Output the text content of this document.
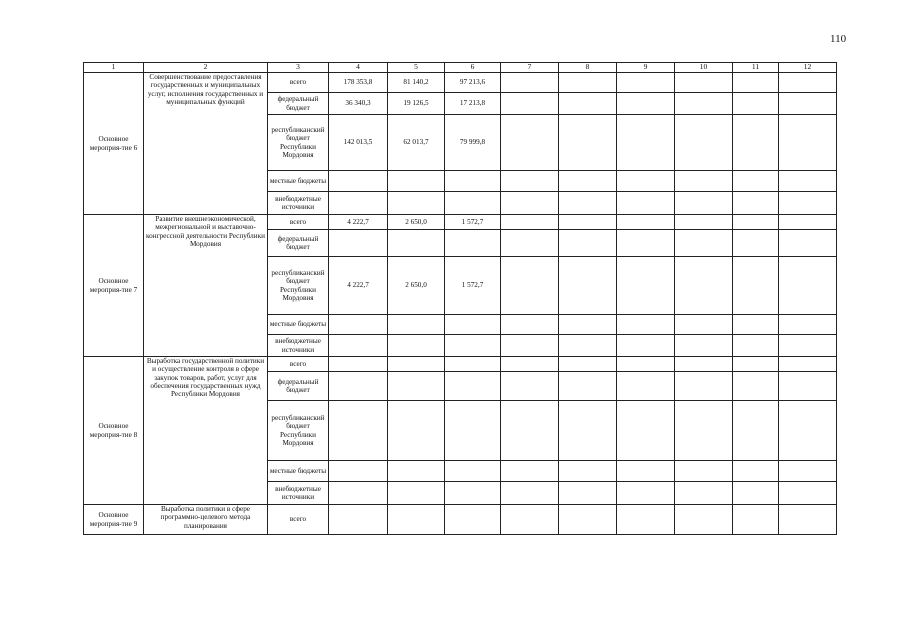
110
1	2	3	4	5	6	7	8	9	10	11	12
Основное мероприя-тие 6	Совершенствование предоставления государственных и муниципальных услуг, исполнения государственных и муниципальных функций	всего	178 353,8	81 140,2	97 213,6						
		федеральный бюджет	36 340,3	19 126,5	17 213,8						
		республиканский бюджет Республики Мордовия	142 013,5	62 013,7	79 999,8						
		местные бюджеты									
		внебюджетные источники									
Основное мероприя-тие 7	Развитие внешнеэкономической, межрегиональной и выставочно-конгрессной деятельности Республики Мордовия	всего	4 222,7	2 650,0	1 572,7						
		федеральный бюджет									
		республиканский бюджет Республики Мордовия	4 222,7	2 650,0	1 572,7						
		местные бюджеты									
		внебюджетные источники									
Основное мероприя-тие 8	Выработка государственной политики и осуществление контроля в сфере закупок товаров, работ, услуг для обеспечения государственных нужд Республики Мордовия	всего									
		федеральный бюджет									
		республиканский бюджет Республики Мордовия									
		местные бюджеты									
		внебюджетные источники									
Основное мероприя-тие 9	Выработка политики в сфере программно-целевого метода планирования	всего									
